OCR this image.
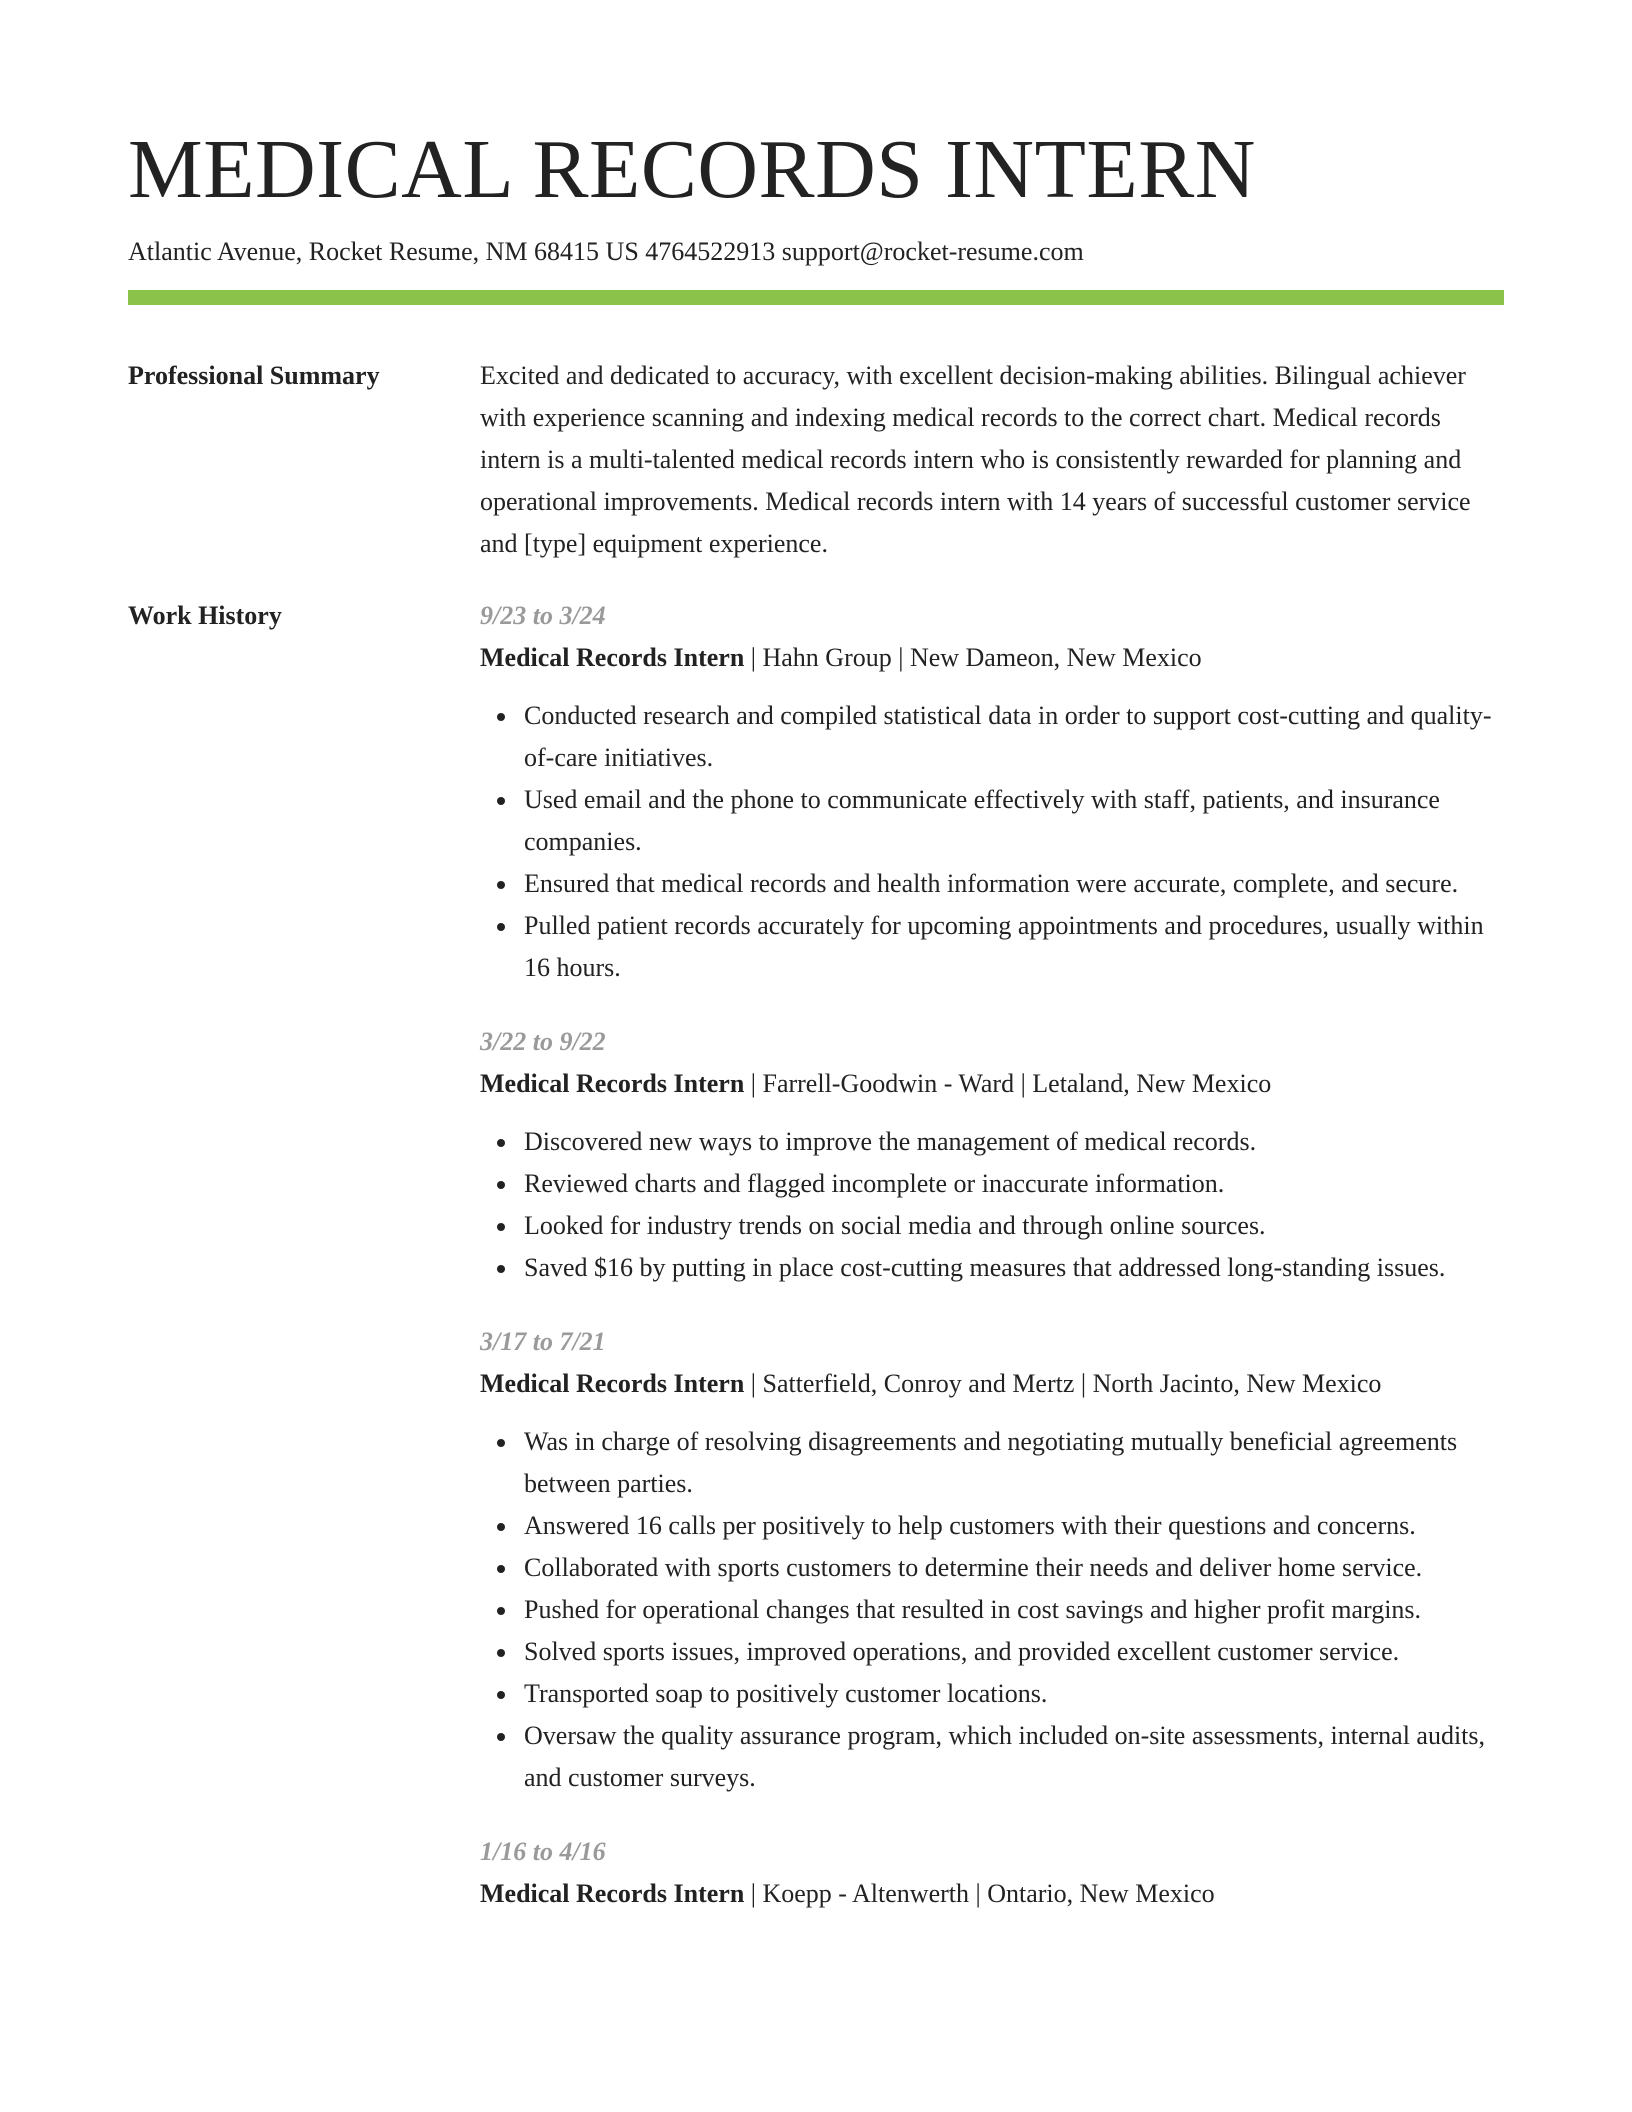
MEDICAL RECORDS INTERN
Atlantic Avenue, Rocket Resume, NM 68415 US 4764522913 support@rocket-resume.com
Professional Summary	Excited and dedicated to accuracy, with excellent decision-making abilities. Bilingual achiever with experience scanning and indexing medical records to the correct chart. Medical records intern is a multi-talented medical records intern who is consistently rewarded for planning and operational improvements. Medical records intern with 14 years of successful customer service and [type] equipment experience.

Work History	9/23 to 3/24
Medical Records Intern | Hahn Group | New Dameon, New Mexico
Conducted research and compiled statistical data in order to support cost-cutting and quality-of-care initiatives.
Used email and the phone to communicate effectively with staff, patients, and insurance companies.
Ensured that medical records and health information were accurate, complete, and secure.
Pulled patient records accurately for upcoming appointments and procedures, usually within 16 hours.
3/22 to 9/22
Medical Records Intern | Farrell-Goodwin - Ward | Letaland, New Mexico
Discovered new ways to improve the management of medical records.
Reviewed charts and flagged incomplete or inaccurate information.
Looked for industry trends on social media and through online sources.
Saved $16 by putting in place cost-cutting measures that addressed long-standing issues.
3/17 to 7/21
Medical Records Intern | Satterfield, Conroy and Mertz | North Jacinto, New Mexico
Was in charge of resolving disagreements and negotiating mutually beneficial agreements between parties.
Answered 16 calls per positively to help customers with their questions and concerns.
Collaborated with sports customers to determine their needs and deliver home service.
Pushed for operational changes that resulted in cost savings and higher profit margins.
Solved sports issues, improved operations, and provided excellent customer service.
Transported soap to positively customer locations.
Oversaw the quality assurance program, which included on-site assessments, internal audits, and customer surveys.
1/16 to 4/16
Medical Records Intern | Koepp - Altenwerth | Ontario, New Mexico
